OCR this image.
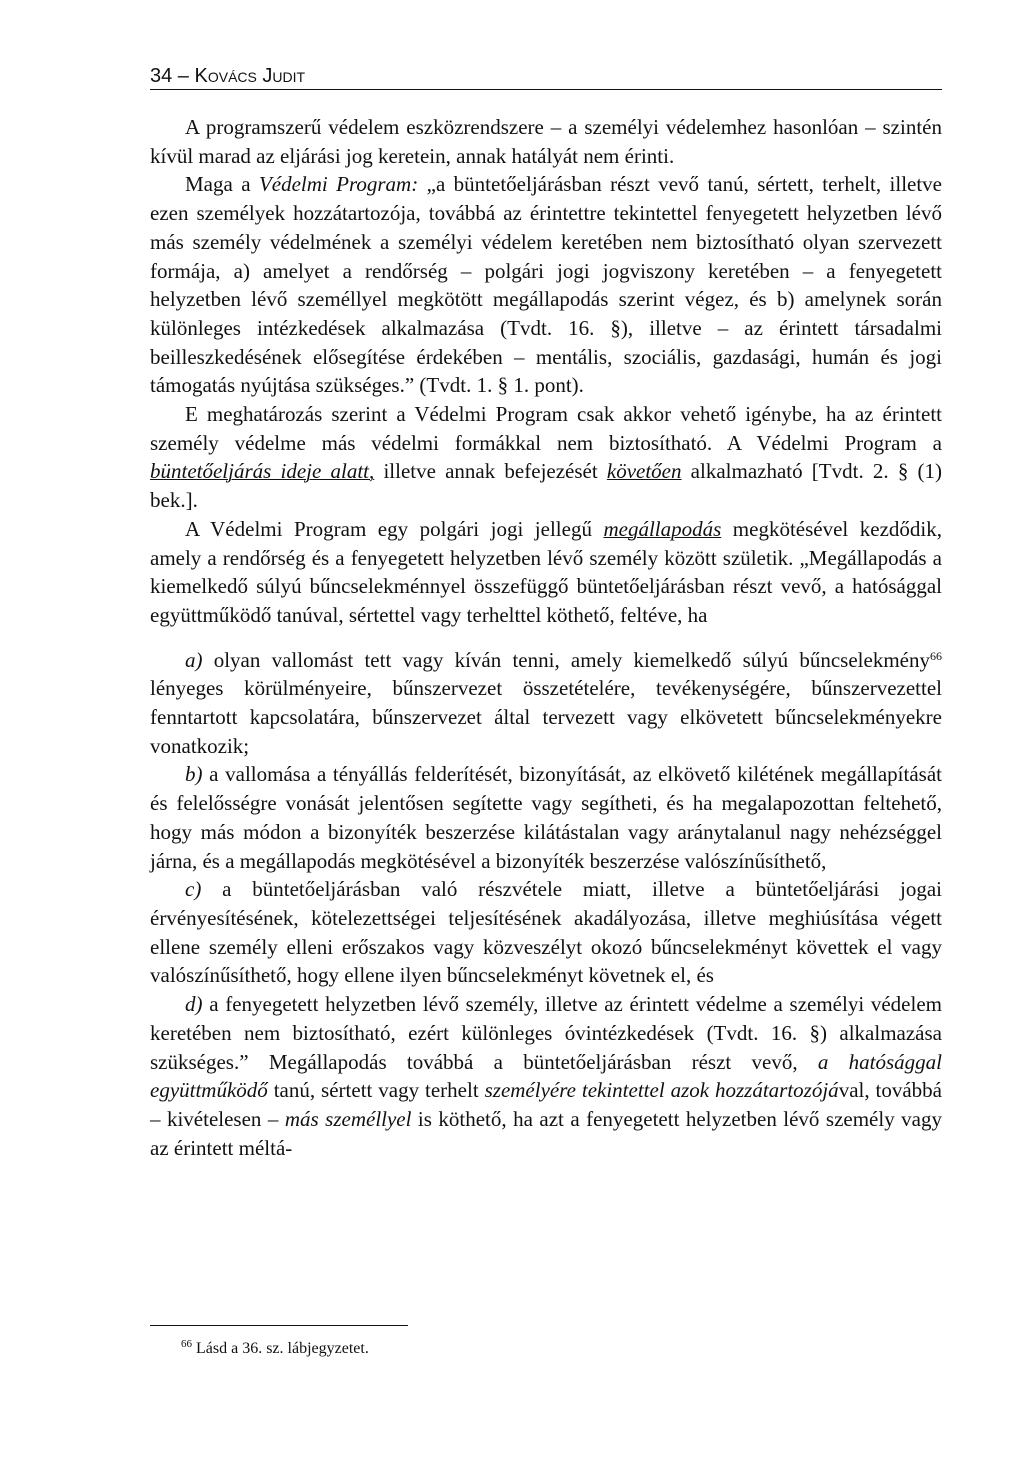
34 – Kovács Judit

A programszerű védelem eszközrendszere – a személyi védelemhez hasonlóan – szintén kívül marad az eljárási jog keretein, annak hatályát nem érinti.

Maga a Védelmi Program: „a büntetőeljárásban részt vevő tanú, sértett, terhelt, illetve ezen személyek hozzátartozója, továbbá az érintettre tekintettel fenyegetett helyzetben lévő más személy védelmének a személyi védelem keretében nem biztosítható olyan szervezett formája, a) amelyet a rendőrség – polgári jogi jogviszony keretében – a fenyegetett helyzetben lévő személlyel megkötött megállapodás szerint végez, és b) amelynek során különleges intézkedések alkalmazása (Tvdt. 16. §), illetve – az érintett társadalmi beilleszkedésének elősegítése érdekében – mentális, szociális, gazdasági, humán és jogi támogatás nyújtása szükséges.” (Tvdt. 1. § 1. pont).

E meghatározás szerint a Védelmi Program csak akkor vehető igénybe, ha az érintett személy védelme más védelmi formákkal nem biztosítható. A Védelmi Program a büntetőeljárás ideje alatt, illetve annak befejezését követően alkalmazható [Tvdt. 2. § (1) bek.].

A Védelmi Program egy polgári jogi jellegű megállapodás megkötésével kezdődik, amely a rendőrség és a fenyegetett helyzetben lévő személy között születik. „Megállapodás a kiemelkedő súlyú bűncselekménnyel összefüggő büntetőeljárásban részt vevő, a hatósággal együttműködő tanúval, sértettel vagy terhelttel köthető, feltéve, ha

a) olyan vallomást tett vagy kíván tenni, amely kiemelkedő súlyú bűncselekmény$^{66}$ lényeges körülményeire, bűnszervezet összetételére, tevékenységére, bűnszervezettel fenntartott kapcsolatára, bűnszervezet által tervezett vagy elkövetett bűncselekményekre vonatkozik;

b) a vallomása a tényállás felderítését, bizonyítását, az elkövető kilétének megállapítását és felelősségre vonását jelentősen segítette vagy segítheti, és ha megalapozottan feltehető, hogy más módon a bizonyíték beszerzése kilátástalan vagy aránytalanul nagy nehézséggel járna, és a megállapodás megkötésével a bizonyíték beszerzése valószínűsíthető,

c) a büntetőeljárásban való részvétele miatt, illetve a büntetőeljárási jogai érvényesítésének, kötelezettségei teljesítésének akadályozása, illetve meghiúsítása végett ellene személy elleni erőszakos vagy közveszélyt okozó bűncselekményt követtek el vagy valószínűsíthető, hogy ellene ilyen bűncselekményt követnek el, és

d) a fenyegetett helyzetben lévő személy, illetve az érintett védelme a személyi védelem keretében nem biztosítható, ezért különleges óvintézkedések (Tvdt. 16. §) alkalmazása szükséges.” Megállapodás továbbá a büntetőeljárásban részt vevő, a hatósággal együttműködő tanú, sértett vagy terhelt személyére tekintettel azok hozzátartozójával, továbbá – kivételesen – más személlyel is köthető, ha azt a fenyegetett helyzetben lévő személy vagy az érintett méltá-

$^{66}$ Lásd a 36. sz. lábjegyzetet.
